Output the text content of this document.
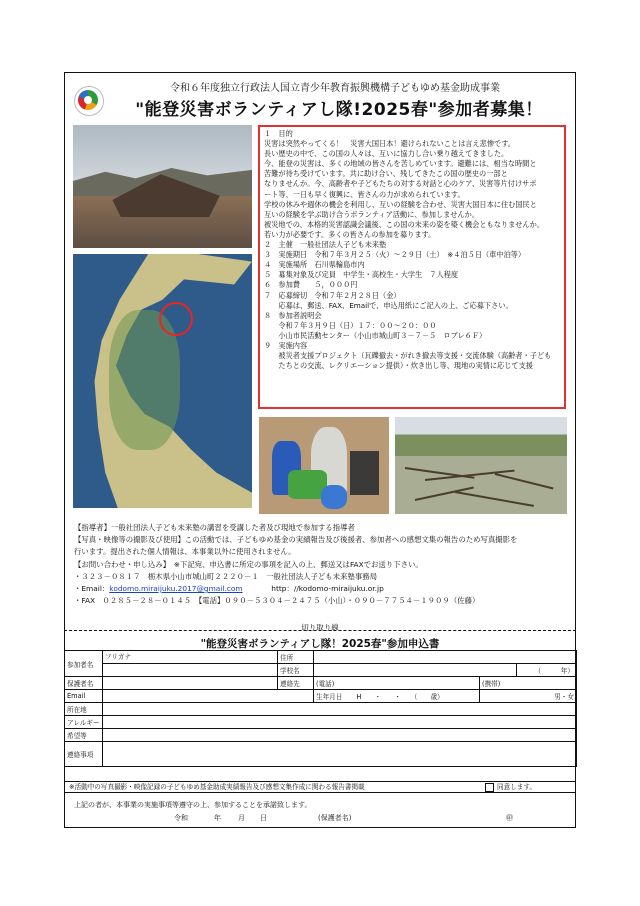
令和６年度独立行政法人国立青少年教育振興機構子どもゆめ基金助成事業
"能登災害ボランティアし隊!2025春"参加者募集！
１　目的
災害は突然やってくる！　災害大国日本！避けられないことは言え悲惨です。
長い歴史の中で、この国の人々は、互いに協力し合い乗り越えてきました。
今、能登の災害は、多くの地域の皆さんを苦しめています。避難には、相当な時間と
苦難が待ち受けています。共に助け合い、残してきたこの国の歴史の一部と
なりませんか。今、高齢者や子どもたちの对する対話と心のケア、災害等片付けサポ
ート等、一日も早く復興に、皆さんの力が求められています。
学校の休みや週休の機会を利用し、互いの経験を合わせ、災害大国日本に住む国民と
互いの経験を学ぶ助け合うボランティア活動に、参加しませんか。
被災地での、本格的災害認識会議後、この国の未来の姿を築く機会ともなりませんか。
若い力が必要です。多くの皆さんの参加を募ります。
２　主催　一般社団法人子ども未来塾
３　実施期日　令和７年３月２５（火）～２９日（土）　※４泊５日（車中泊等）
４　実施場所　石川県輪島市内
５　募集対象及び定員　中学生・高校生・大学生　７人程度
６　参加費　　５，０００円
７　応募締切　令和７年２月２８日（金）
　　応募は、郵送、FAX、Emailで、申込用紙にご記入の上、ご応募下さい。
８　参加者説明会
　　令和７年３月９日（日）１７：００～２０：００
　　小山市民活動センター（小山市城山町３－７－５　ロブレ６Ｆ）
９　実施内容
　　被災者支援プロジェクト（瓦礫撤去・がれき撤去等支援・交流体験（高齢者・子ども
　　たちとの交流、レクリエーション提供）・炊き出し等、現地の実情に応じて支援
【指導者】一般社団法人子ども未来塾の講習を受講した者及び現地で参加する指導者
【写真・映像等の撮影及び使用】この活動では、子どもゆめ基金の実績報告及び後援者、参加者への感想文集の報告のため写真撮影を
行います。提出された個人情報は、本事業以外に使用されません。
【お問い合わせ・申し込み】　※下記宛、申込書に所定の事項を記入の上、郵送又はFAXでお送り下さい。
・３２３－０８１７　栃木県小山市城山町２２２０－１　一般社団法人子ども未来塾事務局
・Email：kodomo.miraijuku.2017@gmail.com	http：//kodomo-miraijuku.or.jp
・FAX　０２８５－２８－０１４５　【電話】０９０－５３０４－２４７５（小山）・０９０－７７５４－１９０９（佐藤）
切り取り線
"能登災害ボランティアし隊！2025春"参加申込書
参加者名	フリガナ	住所			
		学校名			（　　　年）
保護者名		連絡先	(電話)	(携帯)	
Email			生年月日 H　　・　　・　　（　　歳）	男・女	
所在地					
アレルギー					
希望等					
連絡事項					
※活動中の写真撮影・映像記録の子どもゆめ基金助成実績報告及び感想文集作成に関わる報告書掲載	同意します。
上記の者が、本事業の実施事項等遵守の上、参加することを承諾致します。
令和	年 月 日	(保護者名)	㊞
